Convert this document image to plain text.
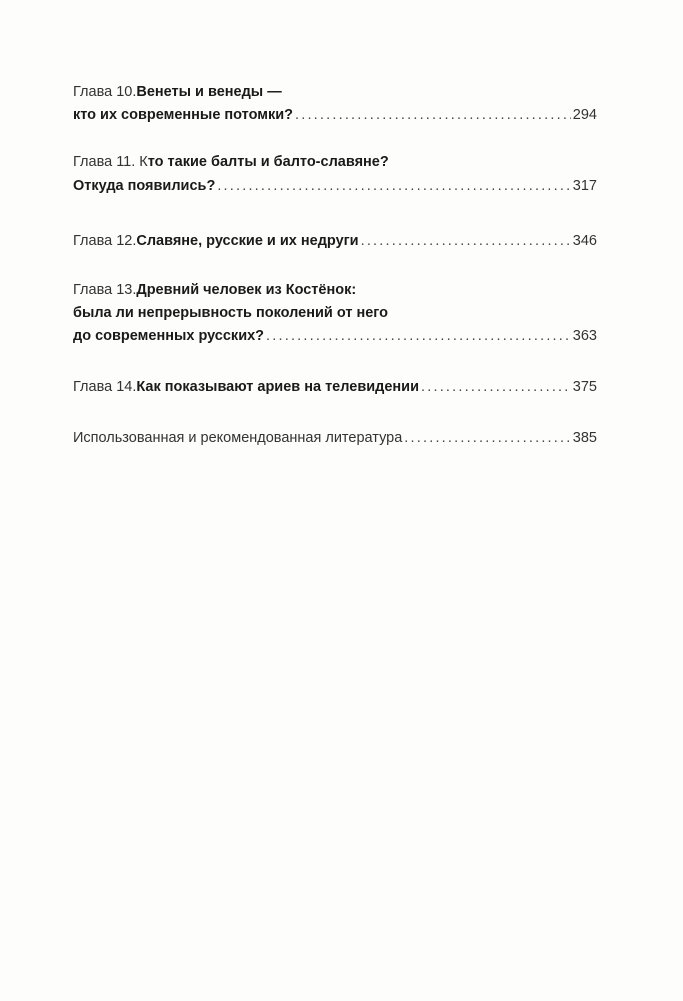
Глава 10. Венеты и венеды —
кто их современные потомки? .....	294
Глава 11. К то такие балты и балто-славяне?
Откуда появились? .....	317
Глава 12. Славяне, русские и их недруги .....	346
Глава 13. Древний человек из Костёнок:
была ли непрерывность поколений от него
до современных русских? .....	363
Глава 14. Как показывают ариев на телевидении .....	375
Использованная и рекомендованная литература .....	385
